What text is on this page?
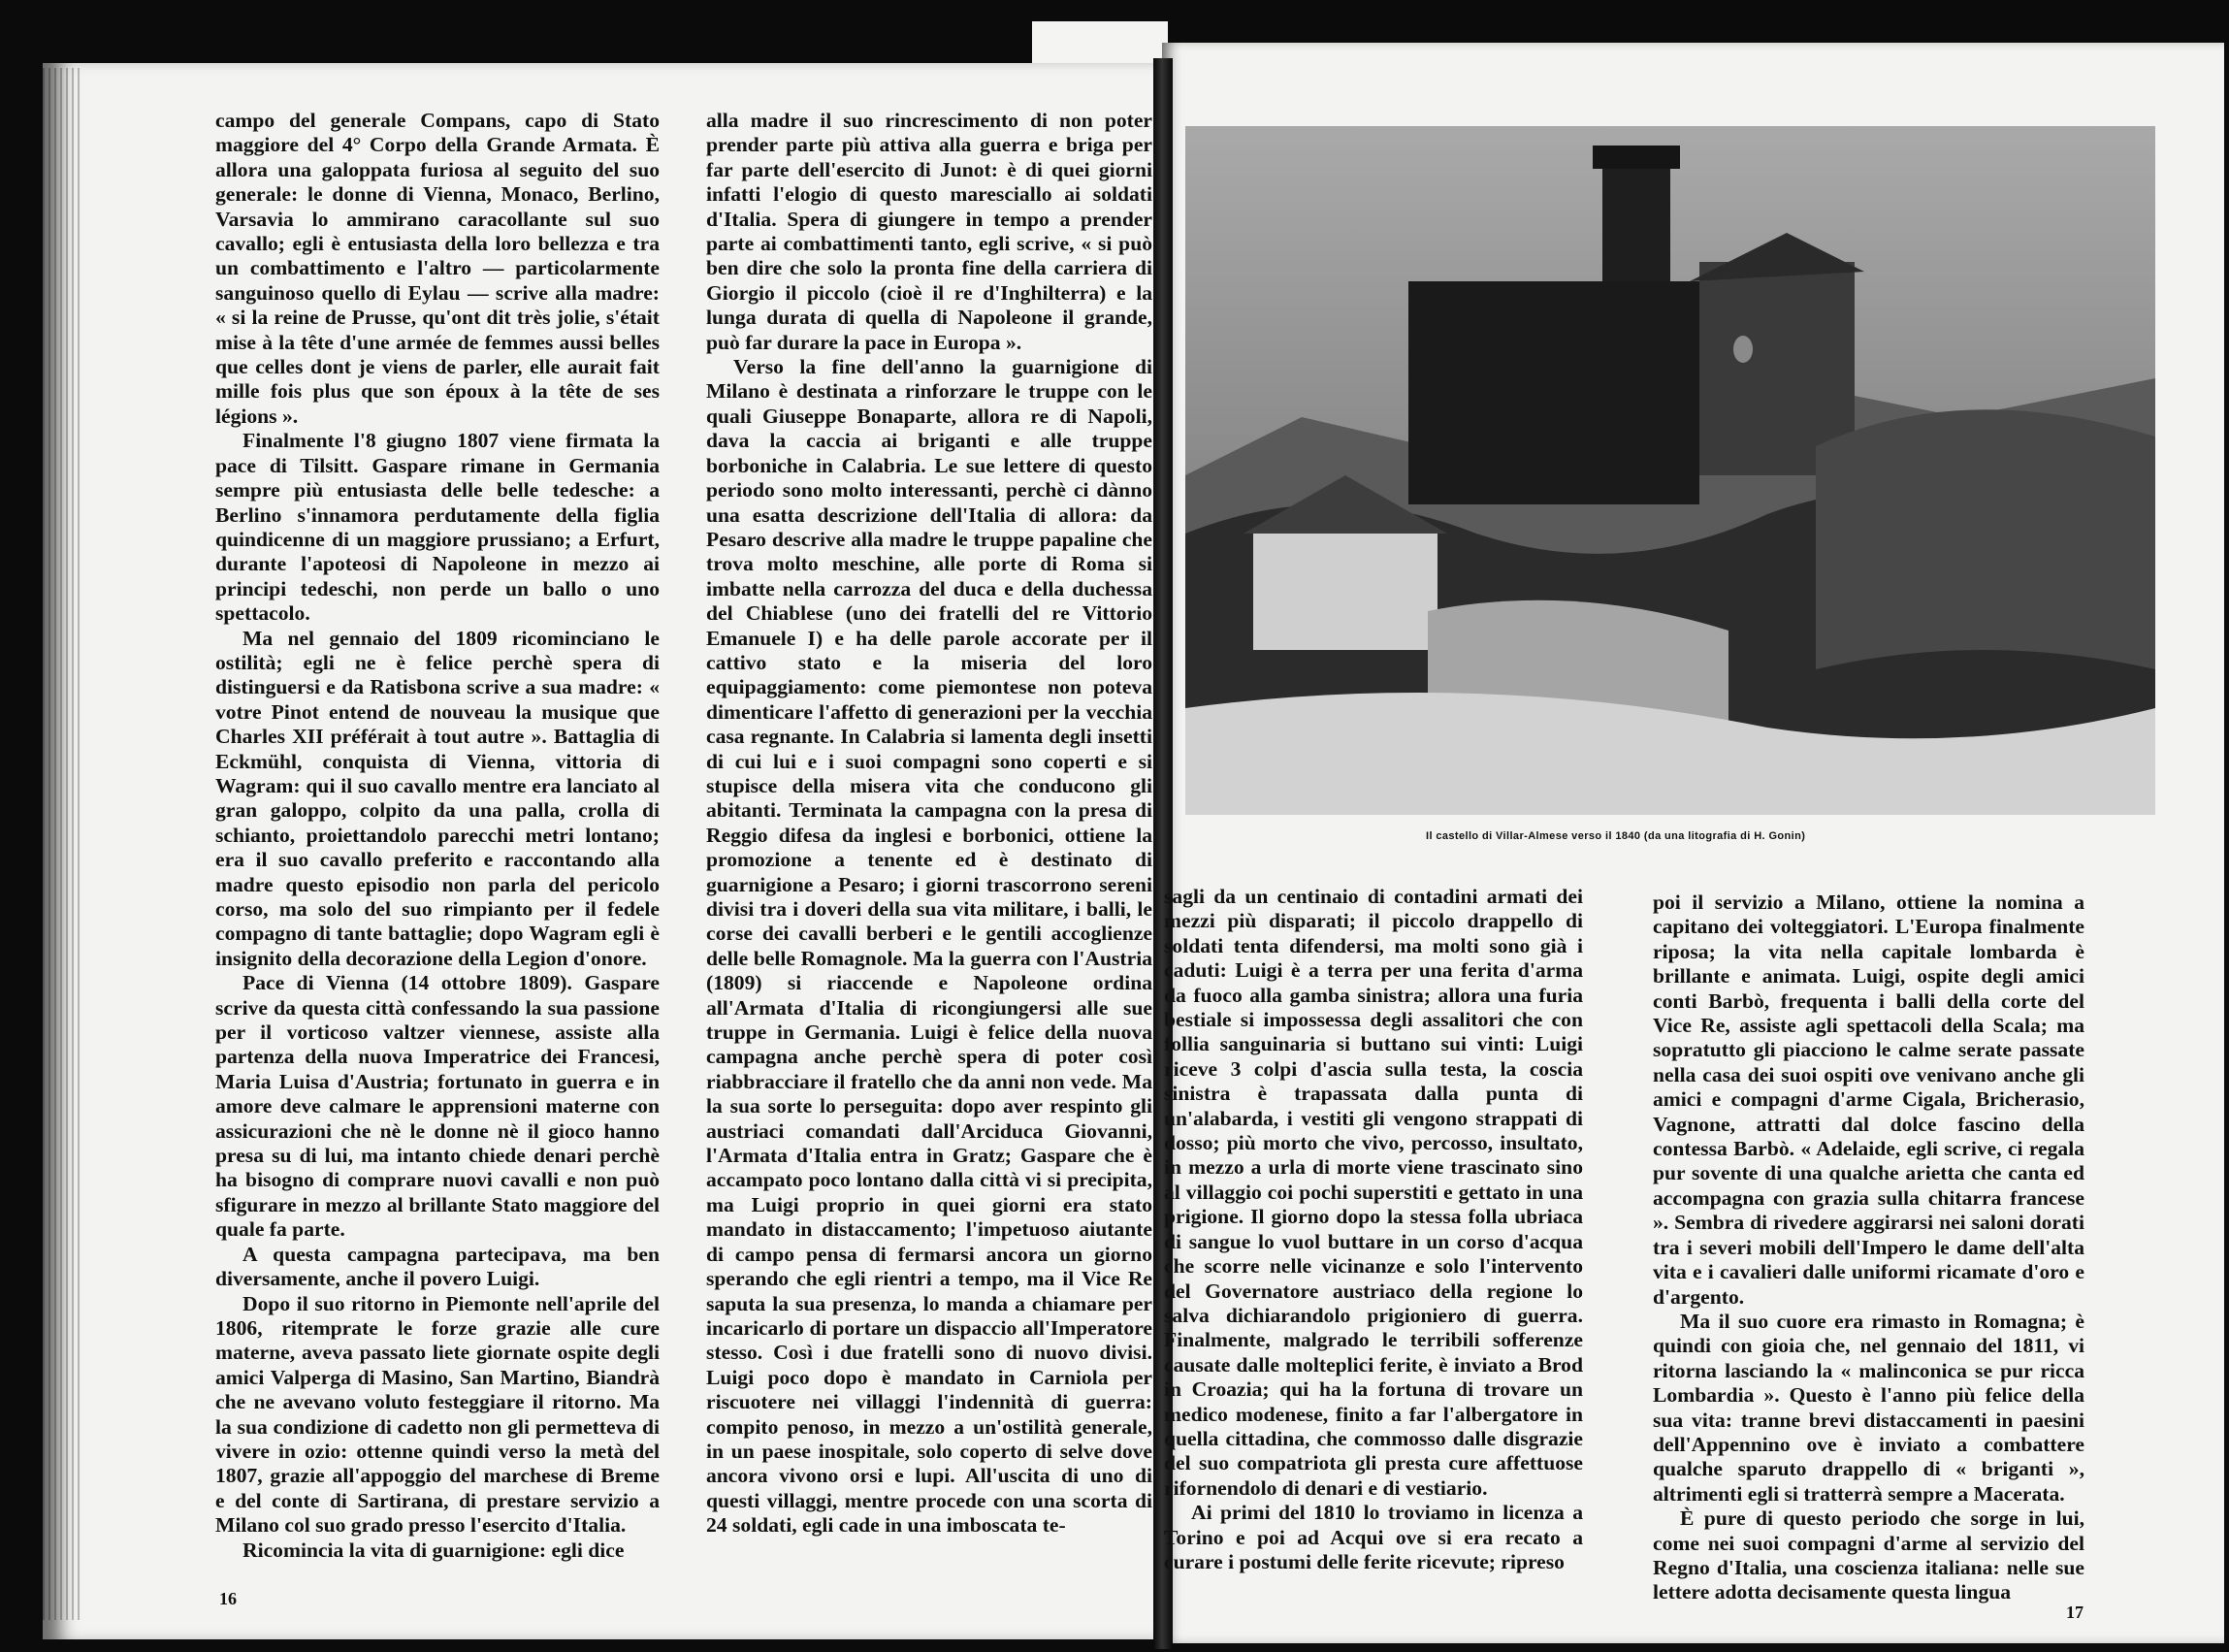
campo del generale Compans, capo di Stato maggiore del 4° Corpo della Grande Armata. È allora una galoppata furiosa al seguito del suo generale: le donne di Vienna, Monaco, Berlino, Varsavia lo ammirano caracollante sul suo cavallo; egli è entusiasta della loro bellezza e tra un combattimento e l'altro — particolarmente sanguinoso quello di Eylau — scrive alla madre: « si la reine de Prusse, qu'ont dit très jolie, s'était mise à la tête d'une armée de femmes aussi belles que celles dont je viens de parler, elle aurait fait mille fois plus que son époux à la tête de ses légions ».

Finalmente l'8 giugno 1807 viene firmata la pace di Tilsitt. Gaspare rimane in Germania sempre più entusiasta delle belle tedesche: a Berlino s'innamora perdutamente della figlia quindicenne di un maggiore prussiano; a Erfurt, durante l'apoteosi di Napoleone in mezzo ai principi tedeschi, non perde un ballo o uno spettacolo.

Ma nel gennaio del 1809 ricominciano le ostilità; egli ne è felice perchè spera di distinguersi e da Ratisbona scrive a sua madre: « votre Pinot entend de nouveau la musique que Charles XII préférait à tout autre ». Battaglia di Eckmühl, conquista di Vienna, vittoria di Wagram: qui il suo cavallo mentre era lanciato al gran galoppo, colpito da una palla, crolla di schianto, proiettandolo parecchi metri lontano; era il suo cavallo preferito e raccontando alla madre questo episodio non parla del pericolo corso, ma solo del suo rimpianto per il fedele compagno di tante battaglie; dopo Wagram egli è insignito della decorazione della Legion d'onore.

Pace di Vienna (14 ottobre 1809). Gaspare scrive da questa città confessando la sua passione per il vorticoso valtzer viennese, assiste alla partenza della nuova Imperatrice dei Francesi, Maria Luisa d'Austria; fortunato in guerra e in amore deve calmare le apprensioni materne con assicurazioni che nè le donne nè il gioco hanno presa su di lui, ma intanto chiede denari perchè ha bisogno di comprare nuovi cavalli e non può sfigurare in mezzo al brillante Stato maggiore del quale fa parte.

A questa campagna partecipava, ma ben diversamente, anche il povero Luigi.

Dopo il suo ritorno in Piemonte nell'aprile del 1806, ritemprate le forze grazie alle cure materne, aveva passato liete giornate ospite degli amici Valperga di Masino, San Martino, Biandrà che ne avevano voluto festeggiare il ritorno. Ma la sua condizione di cadetto non gli permetteva di vivere in ozio: ottenne quindi verso la metà del 1807, grazie all'appoggio del marchese di Breme e del conte di Sartirana, di prestare servizio a Milano col suo grado presso l'esercito d'Italia.

Ricomincia la vita di guarnigione: egli dice

alla madre il suo rincrescimento di non poter prender parte più attiva alla guerra e briga per far parte dell'esercito di Junot: è di quei giorni infatti l'elogio di questo maresciallo ai soldati d'Italia. Spera di giungere in tempo a prender parte ai combattimenti tanto, egli scrive, « si può ben dire che solo la pronta fine della carriera di Giorgio il piccolo (cioè il re d'Inghilterra) e la lunga durata di quella di Napoleone il grande, può far durare la pace in Europa ».

Verso la fine dell'anno la guarnigione di Milano è destinata a rinforzare le truppe con le quali Giuseppe Bonaparte, allora re di Napoli, dava la caccia ai briganti e alle truppe borboniche in Calabria. Le sue lettere di questo periodo sono molto interessanti, perchè ci dànno una esatta descrizione dell'Italia di allora: da Pesaro descrive alla madre le truppe papaline che trova molto meschine, alle porte di Roma si imbatte nella carrozza del duca e della duchessa del Chiablese (uno dei fratelli del re Vittorio Emanuele I) e ha delle parole accorate per il cattivo stato e la miseria del loro equipaggiamento: come piemontese non poteva dimenticare l'affetto di generazioni per la vecchia casa regnante. In Calabria si lamenta degli insetti di cui lui e i suoi compagni sono coperti e si stupisce della misera vita che conducono gli abitanti. Terminata la campagna con la presa di Reggio difesa da inglesi e borbonici, ottiene la promozione a tenente ed è destinato di guarnigione a Pesaro; i giorni trascorrono sereni divisi tra i doveri della sua vita militare, i balli, le corse dei cavalli berberi e le gentili accoglienze delle belle Romagnole. Ma la guerra con l'Austria (1809) si riaccende e Napoleone ordina all'Armata d'Italia di ricongiungersi alle sue truppe in Germania. Luigi è felice della nuova campagna anche perchè spera di poter così riabbracciare il fratello che da anni non vede. Ma la sua sorte lo perseguita: dopo aver respinto gli austriaci comandati dall'Arciduca Giovanni, l'Armata d'Italia entra in Gratz; Gaspare che è accampato poco lontano dalla città vi si precipita, ma Luigi proprio in quei giorni era stato mandato in distaccamento; l'impetuoso aiutante di campo pensa di fermarsi ancora un giorno sperando che egli rientri a tempo, ma il Vice Re saputa la sua presenza, lo manda a chiamare per incaricarlo di portare un dispaccio all'Imperatore stesso. Così i due fratelli sono di nuovo divisi. Luigi poco dopo è mandato in Carniola per riscuotere nei villaggi l'indennità di guerra: compito penoso, in mezzo a un'ostilità generale, in un paese inospitale, solo coperto di selve dove ancora vivono orsi e lupi. All'uscita di uno di questi villaggi, mentre procede con una scorta di 24 soldati, egli cade in una imboscata te-

16
Il castello di Villar-Almese verso il 1840 (da una litografia di H. Gonin)

sagli da un centinaio di contadini armati dei mezzi più disparati; il piccolo drappello di soldati tenta difendersi, ma molti sono già i caduti: Luigi è a terra per una ferita d'arma da fuoco alla gamba sinistra; allora una furia bestiale si impossessa degli assalitori che con follia sanguinaria si buttano sui vinti: Luigi riceve 3 colpi d'ascia sulla testa, la coscia sinistra è trapassata dalla punta di un'alabarda, i vestiti gli vengono strappati di dosso; più morto che vivo, percosso, insultato, in mezzo a urla di morte viene trascinato sino al villaggio coi pochi superstiti e gettato in una prigione. Il giorno dopo la stessa folla ubriaca di sangue lo vuol buttare in un corso d'acqua che scorre nelle vicinanze e solo l'intervento del Governatore austriaco della regione lo salva dichiarandolo prigioniero di guerra. Finalmente, malgrado le terribili sofferenze causate dalle molteplici ferite, è inviato a Brod in Croazia; qui ha la fortuna di trovare un medico modenese, finito a far l'albergatore in quella cittadina, che commosso dalle disgrazie del suo compatriota gli presta cure affettuose rifornendolo di denari e di vestiario.

Ai primi del 1810 lo troviamo in licenza a Torino e poi ad Acqui ove si era recato a curare i postumi delle ferite ricevute; ripreso

poi il servizio a Milano, ottiene la nomina a capitano dei volteggiatori. L'Europa finalmente riposa; la vita nella capitale lombarda è brillante e animata. Luigi, ospite degli amici conti Barbò, frequenta i balli della corte del Vice Re, assiste agli spettacoli della Scala; ma sopratutto gli piacciono le calme serate passate nella casa dei suoi ospiti ove venivano anche gli amici e compagni d'arme Cigala, Bricherasio, Vagnone, attratti dal dolce fascino della contessa Barbò. « Adelaide, egli scrive, ci regala pur sovente di una qualche arietta che canta ed accompagna con grazia sulla chitarra francese ». Sembra di rivedere aggirarsi nei saloni dorati tra i severi mobili dell'Impero le dame dell'alta vita e i cavalieri dalle uniformi ricamate d'oro e d'argento.

Ma il suo cuore era rimasto in Romagna; è quindi con gioia che, nel gennaio del 1811, vi ritorna lasciando la « malinconica se pur ricca Lombardia ». Questo è l'anno più felice della sua vita: tranne brevi distaccamenti in paesini dell'Appennino ove è inviato a combattere qualche sparuto drappello di « briganti », altrimenti egli si tratterrà sempre a Macerata.

È pure di questo periodo che sorge in lui, come nei suoi compagni d'arme al servizio del Regno d'Italia, una coscienza italiana: nelle sue lettere adotta decisamente questa lingua

17
